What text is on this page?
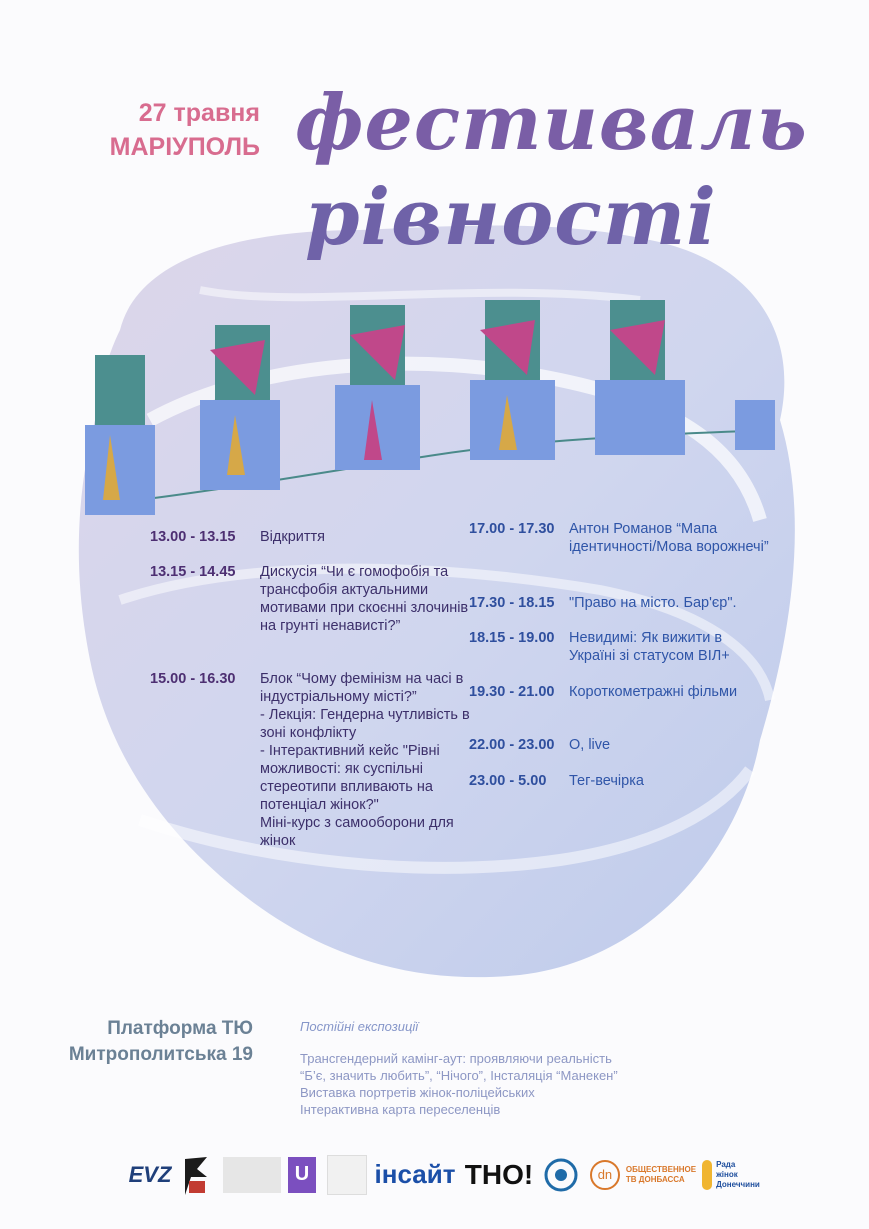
27 травня
МАРІУПОЛЬ фестиваль
рівності
13.00 - 13.15	Відкриття
13.15 - 14.45	Дискусія “Чи є гомофобія та трансфобія актуальними мотивами при скоєнні злочинів на грунті ненависті?”
15.00 - 16.30	Блок “Чому фемінізм на часі в індустріальному місті?”
- Лекція: Гендерна чутливість в зоні конфлікту
- Інтерактивний кейс "Рівні можливості: як суспільні стереотипи впливають на потенціал жінок?"
Міні-курс з самооборони для жінок
17.00 - 17.30	Антон Романов “Мапа ідентичності/Мова ворожнечі”
17.30 - 18.15	"Право на місто. Бар'єр".
18.15 - 19.00	Невидимі: Як вижити в Україні зі статусом ВІЛ+
19.30 - 21.00	Короткометражні фільми
22.00 - 23.00	O, live
23.00 - 5.00	Тег-вечірка
Платформа ТЮ
Митрополитська 19
Постійні експозиції
Трансгендерний камінг-аут: проявляючи реальність
“Б’є, значить любить”, “Нічого”, Інсталяція “Манекен”
Виставка портретів жінок-поліцейських
Інтерактивна карта переселенців
EVZ	U	інсайт ТНО!	dn	ОБЩЕСТВЕННОЕ
ТВ ДОНБАССА
Рада
жінок
Донеччини
